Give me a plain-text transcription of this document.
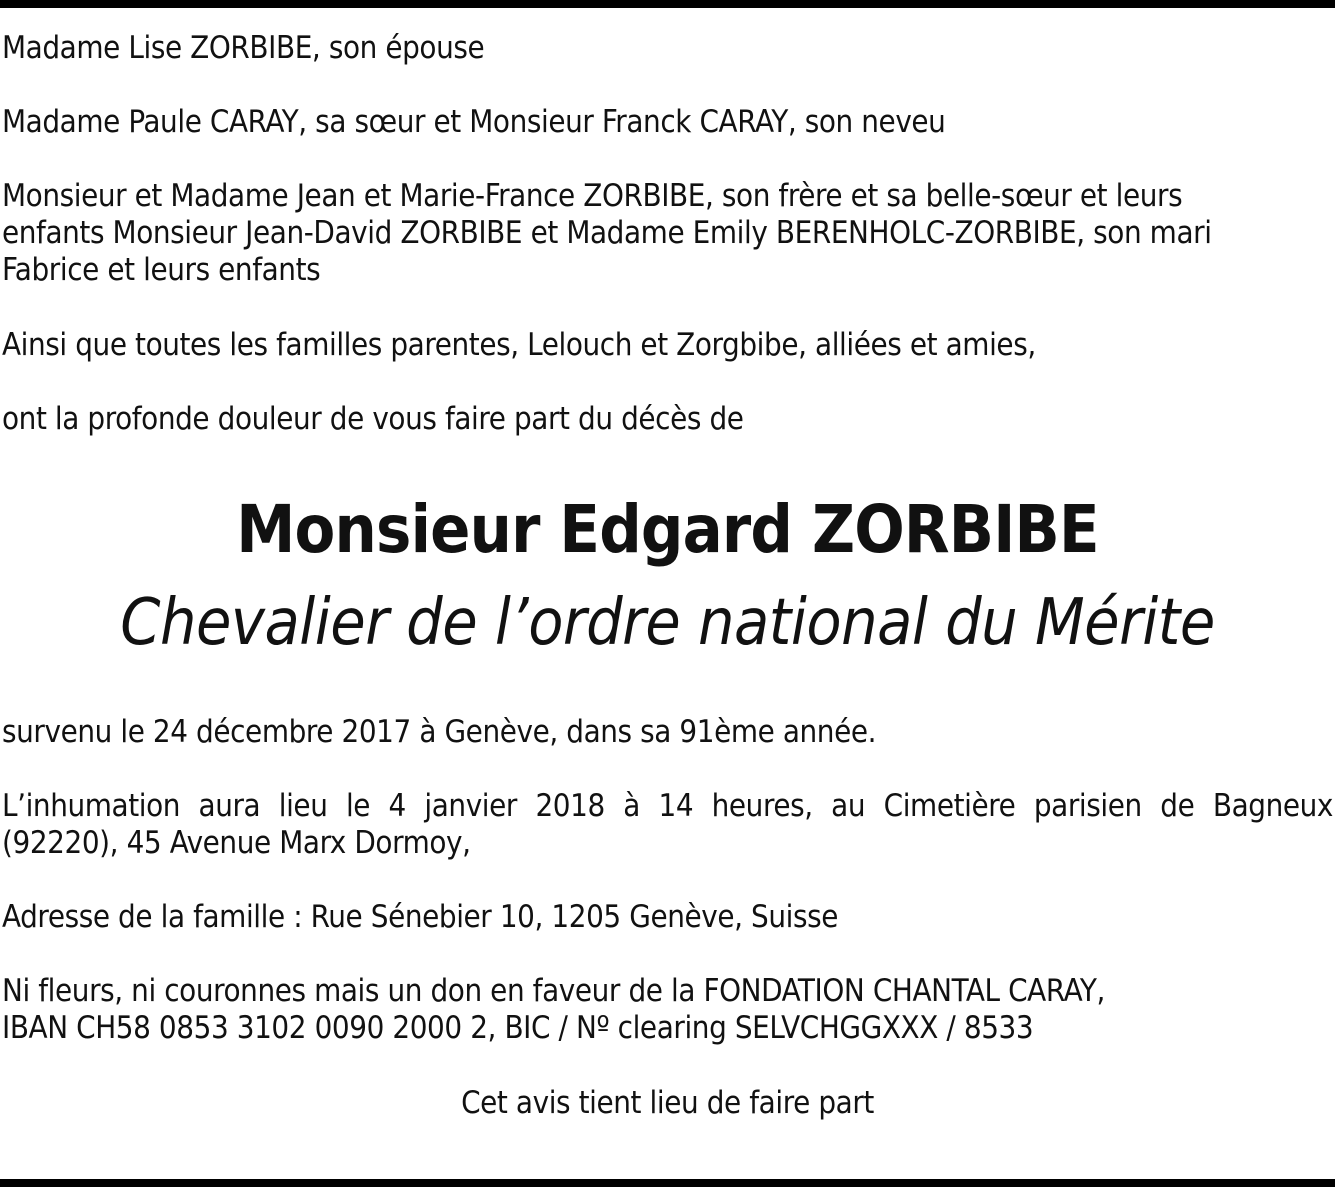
Madame Lise ZORBIBE, son épouse

Madame Paule CARAY, sa sœur et Monsieur Franck CARAY, son neveu

Monsieur et Madame Jean et Marie-France ZORBIBE, son frère et sa belle-sœur et leurs
enfants Monsieur Jean-David ZORBIBE et Madame Emily BERENHOLC-ZORBIBE, son mari
Fabrice et leurs enfants

Ainsi que toutes les familles parentes, Lelouch et Zorgbibe, alliées et amies,

ont la profonde douleur de vous faire part du décès de

survenu le 24 décembre 2017 à Genève, dans sa 91ème année.

L’inhumation aura lieu le 4 janvier 2018 à 14 heures, au Cimetière parisien de Bagneux
(92220), 45 Avenue Marx Dormoy,

Adresse de la famille : Rue Sénebier 10, 1205 Genève, Suisse

Ni fleurs, ni couronnes mais un don en faveur de la FONDATION CHANTAL CARAY,
IBAN CH58 0853 3102 0090 2000 2, BIC / Nº clearing SELVCHGGXXX / 8533

Monsieur Edgard ZORBIBE
Chevalier de l’ordre national du Mérite
Cet avis tient lieu de faire part
